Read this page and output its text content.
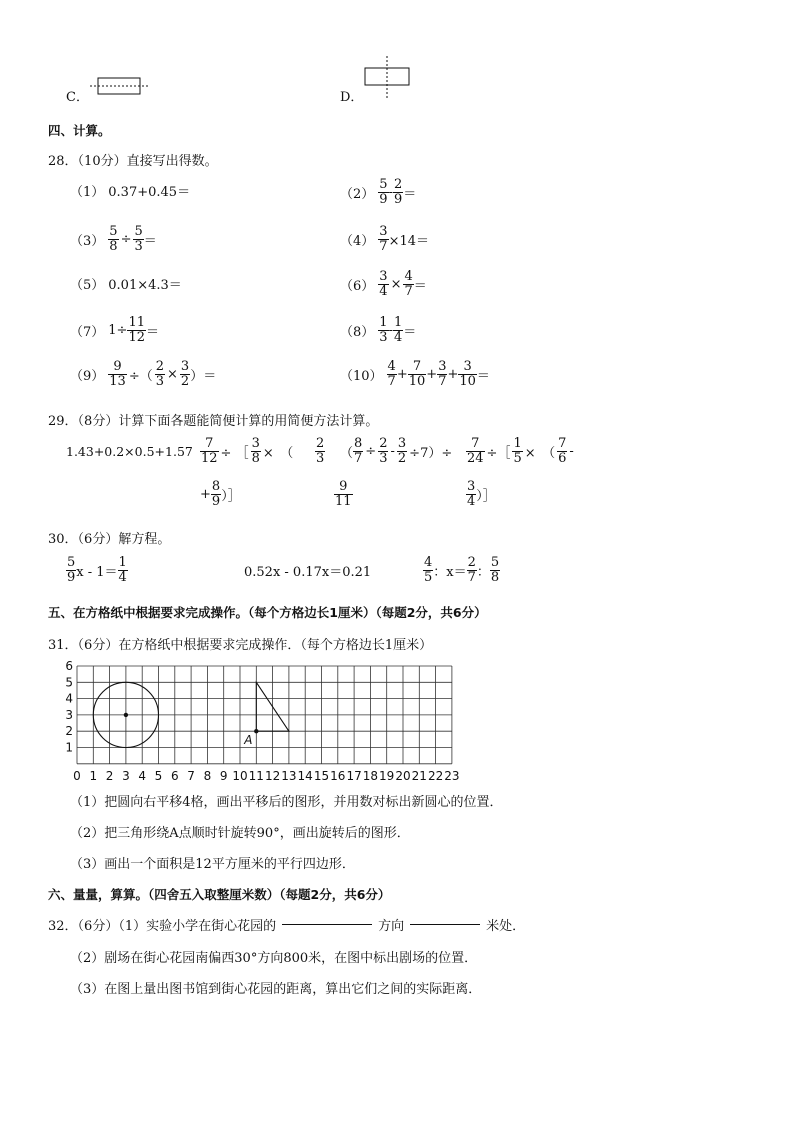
C．	D．
四、计算。
28．（10分）直接写出得数。
（1） 0.37+0.45＝	$(2) \frac{5}{9} - \frac{2}{9}$ ＝
$(3) \frac{5}{8} \div \frac{5}{3}$ ＝	$(4) \frac{3}{7} \times 14=$
（5） 0.01×4.3＝	$(6) \frac{3}{4} \times \frac{4}{7}$ ＝
（7） $1\div \frac{11}{12}$ ＝	$(8) \frac{1}{3} - \frac{1}{4}$ ＝
$(9) \frac{9}{13}$ ÷（ $\frac{2}{3} \times \frac{3}{2}$ ）＝	$(10) \frac{4}{7} + \frac{7}{10} + \frac{3}{7} + \frac{3}{10}$ ＝
29．（8分）计算下面各题能简便计算的用简便方法计算。
$1.43+0.2\times 0.5+1.57 \frac{7}{12}$ ÷ ［ $\frac{3}{8}$ ×　（
+ $\frac{8}{9}$ ）］
$\frac{2}{3}$ （ $\frac{8}{7} \div \frac{2}{3} - \frac{3}{2} \div 7)\div$
$\frac{9}{11}$
$\frac{7}{24}$ ÷［ $\frac{1}{5}$ ×　（ $\frac{7}{6}$ -
$\frac{3}{4}$ ）］
30．（6分）解方程。
$\frac{5}{9}$ $x - 1= \frac{1}{4}$	0.52x - 0.17x＝0.21	$\frac{4}{5}$ ：$x= \frac{2}{7}$ ： $\frac{5}{8}$
五、在方格纸中根据要求完成操作。（每个方格边长1厘米）（每题2分，共6分）
31．（6分）在方格纸中根据要求完成操作．（每个方格边长1厘米）
0 1 2 3 4 5 6 7 8 9 10 11 12 13 14 15 16 17 18 19 20 21 22 23
1
2
3
4
5
6
A
（1）把圆向右平移4格，画出平移后的图形，并用数对标出新圆心的位置．
（2）把三角形绕A点顺时针旋转90°，画出旋转后的图形．
（3）画出一个面积是12平方厘米的平行四边形．
六、量量，算算。（四舍五入取整厘米数）（每题2分，共6分）
32．（6分）（1）实验小学在街心花园的	方向	米处．
（2）剧场在街心花园南偏西30°方向800米，在图中标出剧场的位置．
（3）在图上量出图书馆到街心花园的距离，算出它们之间的实际距离．
